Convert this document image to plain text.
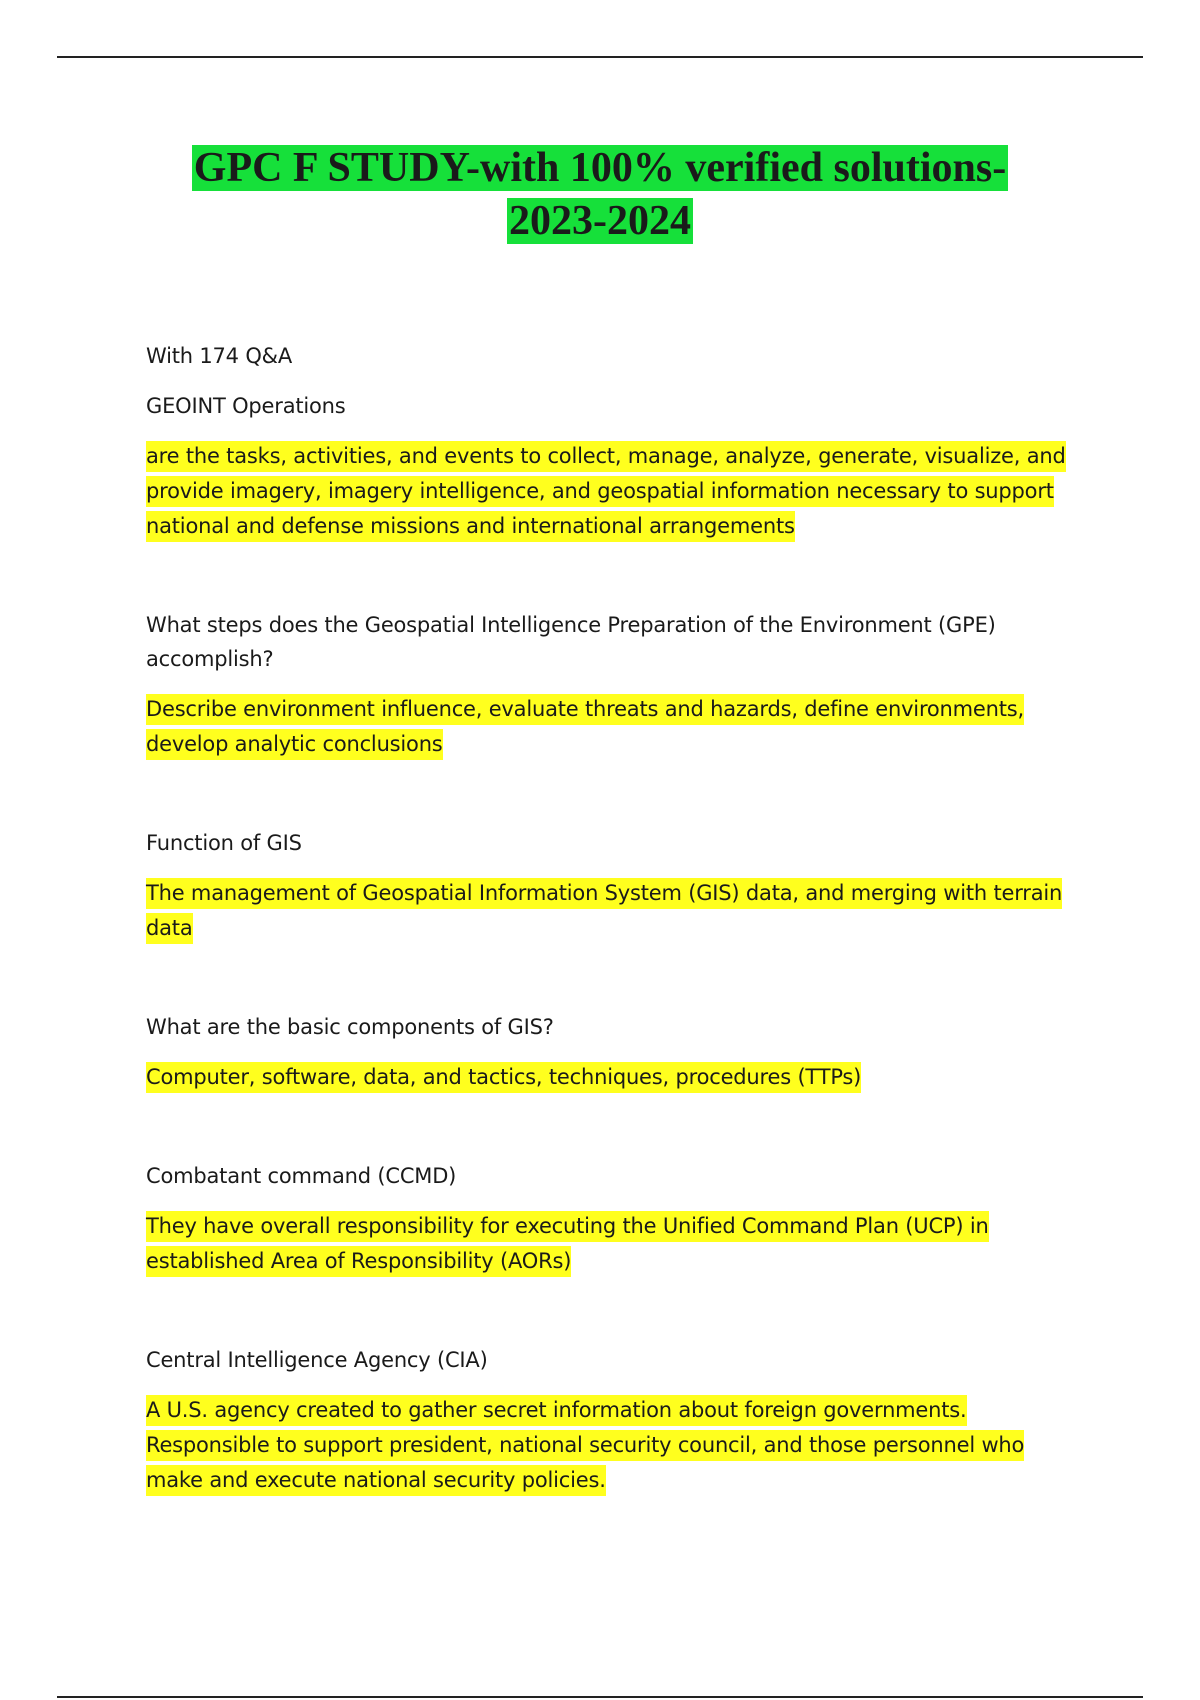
GPC F STUDY-with 100% verified solutions-
2023-2024

With 174 Q&A

GEOINT Operations

are the tasks, activities, and events to collect, manage, analyze, generate, visualize, and provide imagery, imagery intelligence, and geospatial information necessary to support national and defense missions and international arrangements

What steps does the Geospatial Intelligence Preparation of the Environment (GPE) accomplish?

Describe environment influence, evaluate threats and hazards, define environments, develop analytic conclusions

Function of GIS

The management of Geospatial Information System (GIS) data, and merging with terrain data

What are the basic components of GIS?

Computer, software, data, and tactics, techniques, procedures (TTPs)

Combatant command (CCMD)

They have overall responsibility for executing the Unified Command Plan (UCP) in established Area of Responsibility (AORs)

Central Intelligence Agency (CIA)

A U.S. agency created to gather secret information about foreign governments. Responsible to support president, national security council, and those personnel who make and execute national security policies.
